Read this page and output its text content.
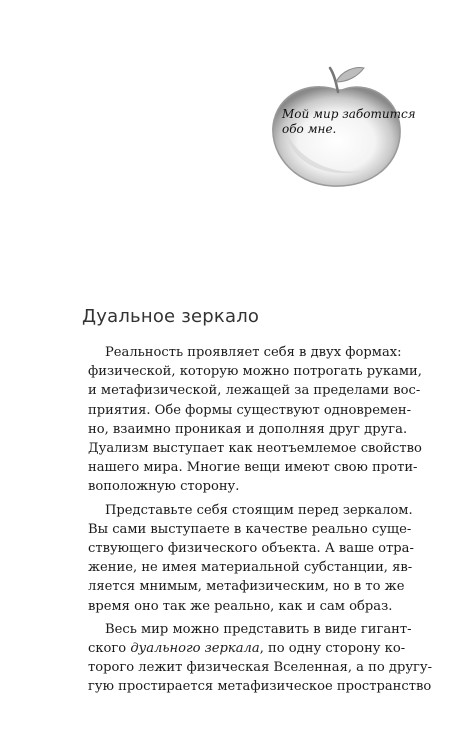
Мой мир заботится
обо мне.
Дуальное зеркало

Реальность проявляет себя в двух формах:
физической, которую можно потрогать руками,
и метафизической, лежащей за пределами вос-
приятия. Обе формы существуют одновремен-
но, взаимно проникая и дополняя друг друга.
Дуализм выступает как неотъемлемое свойство
нашего мира. Многие вещи имеют свою проти-
воположную сторону.

Представьте себя стоящим перед зеркалом.
Вы сами выступаете в качестве реально суще-
ствующего физического объекта. А ваше отра-
жение, не имея материальной субстанции, яв-
ляется мнимым, метафизическим, но в то же
время оно так же реально, как и сам образ.

Весь мир можно представить в виде гигант-
ского дуального зеркала, по одну сторону ко-
торого лежит физическая Вселенная, а по другу-
гую простирается метафизическое пространство
